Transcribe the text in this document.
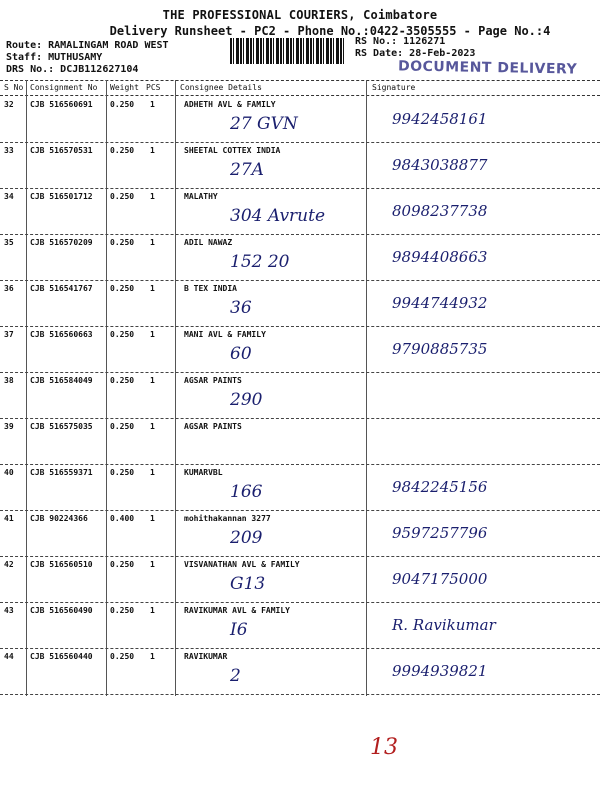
THE PROFESSIONAL COURIERS, Coimbatore
Delivery Runsheet - PC2 - Phone No.:0422-3505555 - Page No.:4
Route: RAMALINGAM ROAD WEST
Staff: MUTHUSAMY
DRS No.: DCJB112627104
RS No.: 1126271
RS Date: 28-Feb-2023
DOCUMENT DELIVERY
S No Consignment No Weight PCS Consignee Details	Signature
32 CJB 516560691 0.250 1	ADHETH AVL & FAMILY
27 GVN	9942458161
33 CJB 516570531 0.250 1	SHEETAL COTTEX INDIA
27A	9843038877
34 CJB 516501712 0.250 1	MALATHY
304 Avrute	8098237738
35 CJB 516570209 0.250 1	ADIL NAWAZ
152 20	9894408663
36 CJB 516541767 0.250 1	B TEX INDIA
36	9944744932
37 CJB 516560663 0.250 1	MANI AVL & FAMILY
60	9790885735
38 CJB 516584049 0.250 1	AGSAR PAINTS
290
39 CJB 516575035 0.250 1	AGSAR PAINTS
40 CJB 516559371 0.250 1	KUMARVBL
166	9842245156
41 CJB 90224366	0.400 1	mohithakannan 3277
209	9597257796
42 CJB 516560510 0.250 1	VISVANATHAN AVL & FAMILY
G13	9047175000
43 CJB 516560490 0.250 1	RAVIKUMAR AVL & FAMILY
I6	R. Ravikumar
44 CJB 516560440 0.250 1	RAVIKUMAR
2	9994939821
13
